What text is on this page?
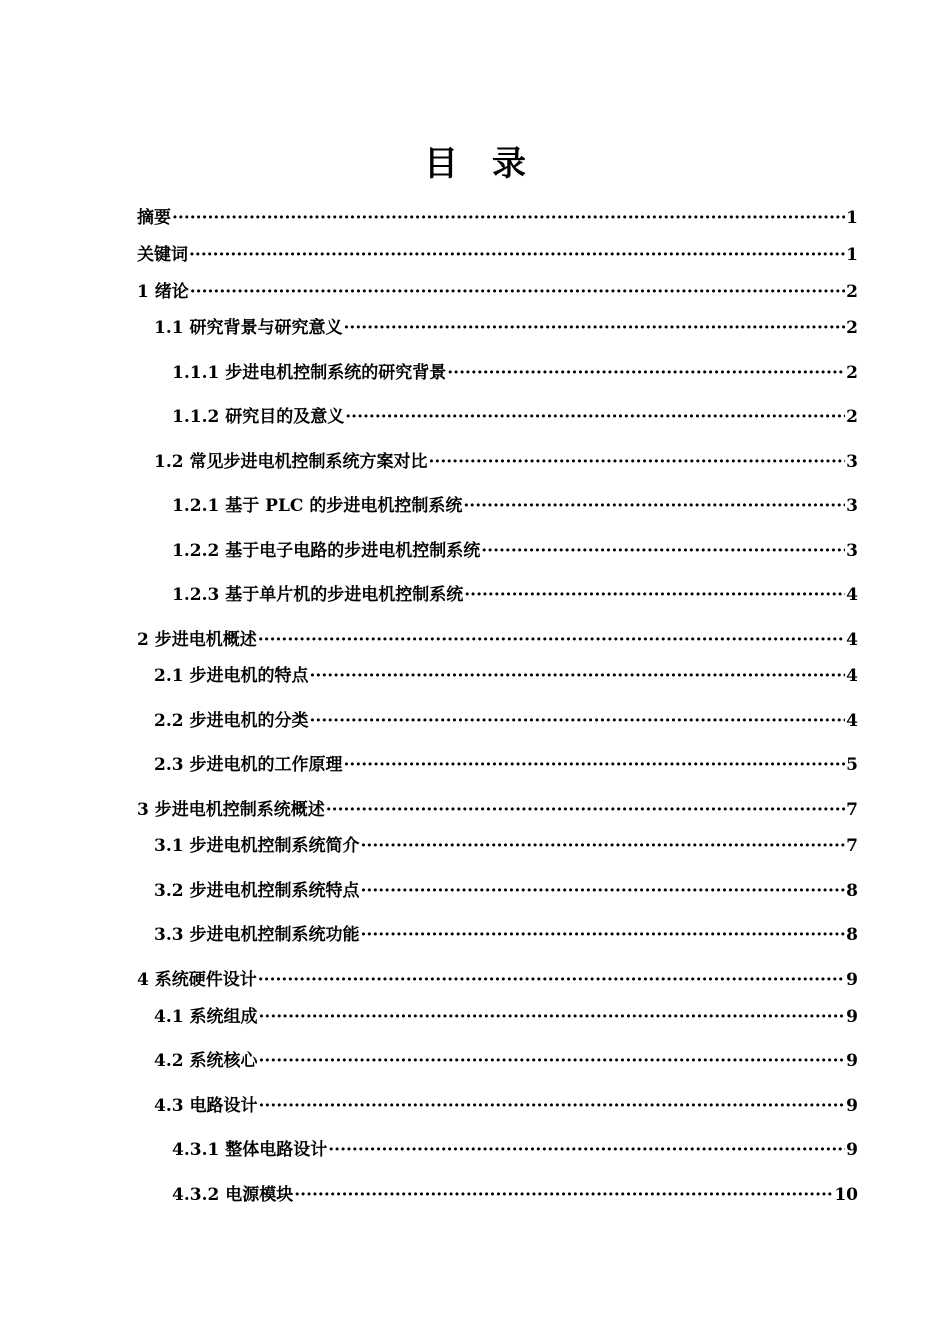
目录
摘要 ·····	1
关键词 ·····	1
1 绪论 ·····	2
1.1 研究背景与研究意义 ·····	2
1.1.1 步进电机控制系统的研究背景 ·····	2
1.1.2 研究目的及意义 ·····	2
1.2 常见步进电机控制系统方案对比 ·····	3
1.2.1 基于 PLC 的步进电机控制系统 ·····	3
1.2.2 基于电子电路的步进电机控制系统 ·····	3
1.2.3 基于单片机的步进电机控制系统 ·····	4
2 步进电机概述 ·····	4
2.1 步进电机的特点 ·····	4
2.2 步进电机的分类 ·····	4
2.3 步进电机的工作原理 ·····	5
3 步进电机控制系统概述 ·····	7
3.1 步进电机控制系统简介 ·····	7
3.2 步进电机控制系统特点 ·····	8
3.3 步进电机控制系统功能 ·····	8
4 系统硬件设计 ·····	9
4.1 系统组成 ·····	9
4.2 系统核心 ·····	9
4.3 电路设计 ·····	9
4.3.1 整体电路设计 ·····	9
4.3.2 电源模块 ·····	10
